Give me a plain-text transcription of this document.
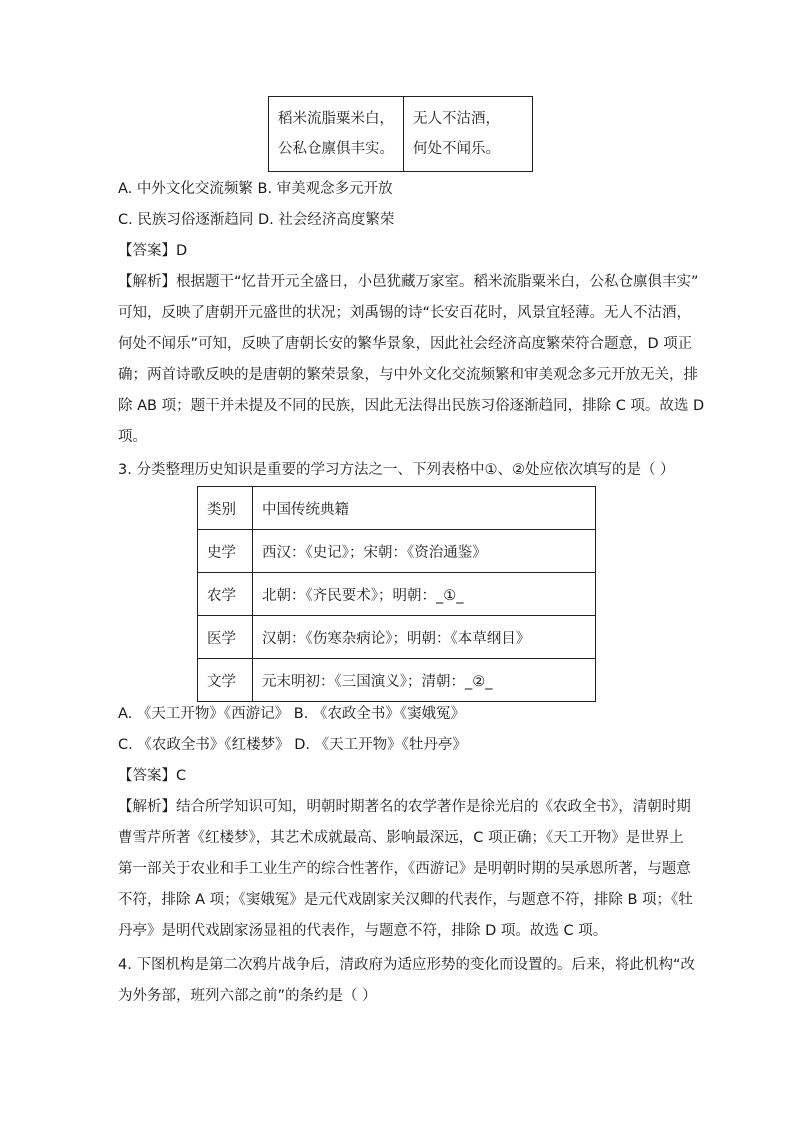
稻米流脂粟米白，
公私仓廪俱丰实。

无人不沽酒，
何处不闻乐。
A. 中外文化交流频繁 B. 审美观念多元开放
C. 民族习俗逐渐趋同 D. 社会经济高度繁荣
【答案】D
【解析】根据题干“忆昔开元全盛日，小邑犹藏万家室。稻米流脂粟米白，公私仓廪俱丰实”
可知，反映了唐朝开元盛世的状况；刘禹锡的诗“长安百花时，风景宜轻薄。无人不沽酒，
何处不闻乐”可知，反映了唐朝长安的繁华景象，因此社会经济高度繁荣符合题意，D 项正
确；两首诗歌反映的是唐朝的繁荣景象，与中外文化交流频繁和审美观念多元开放无关，排
除 AB 项；题干并未提及不同的民族，因此无法得出民族习俗逐渐趋同，排除 C 项。故选 D
项。
3. 分类整理历史知识是重要的学习方法之一、下列表格中①、②处应依次填写的是（ ）
类别	中国传统典籍
史学	西汉：《史记》；宋朝：《资治通鉴》
农学	北朝：《齐民要术》；明朝：_①_
医学	汉朝：《伤寒杂病论》；明朝：《本草纲目》
文学	元末明初：《三国演义》；清朝：_②_
A. 《天工开物》《西游记》 B. 《农政全书》《窦娥冤》
C. 《农政全书》《红楼梦》 D. 《天工开物》《牡丹亭》
【答案】C
【解析】结合所学知识可知，明朝时期著名的农学著作是徐光启的《农政全书》，清朝时期
曹雪芹所著《红楼梦》，其艺术成就最高、影响最深远，C 项正确；《天工开物》是世界上
第一部关于农业和手工业生产的综合性著作，《西游记》是明朝时期的吴承恩所著，与题意
不符，排除 A 项；《窦娥冤》是元代戏剧家关汉卿的代表作，与题意不符，排除 B 项；《牡
丹亭》是明代戏剧家汤显祖的代表作，与题意不符，排除 D 项。故选 C 项。
4. 下图机构是第二次鸦片战争后，清政府为适应形势的变化而设置的。后来，将此机构“改
为外务部，班列六部之前”的条约是（ ）
